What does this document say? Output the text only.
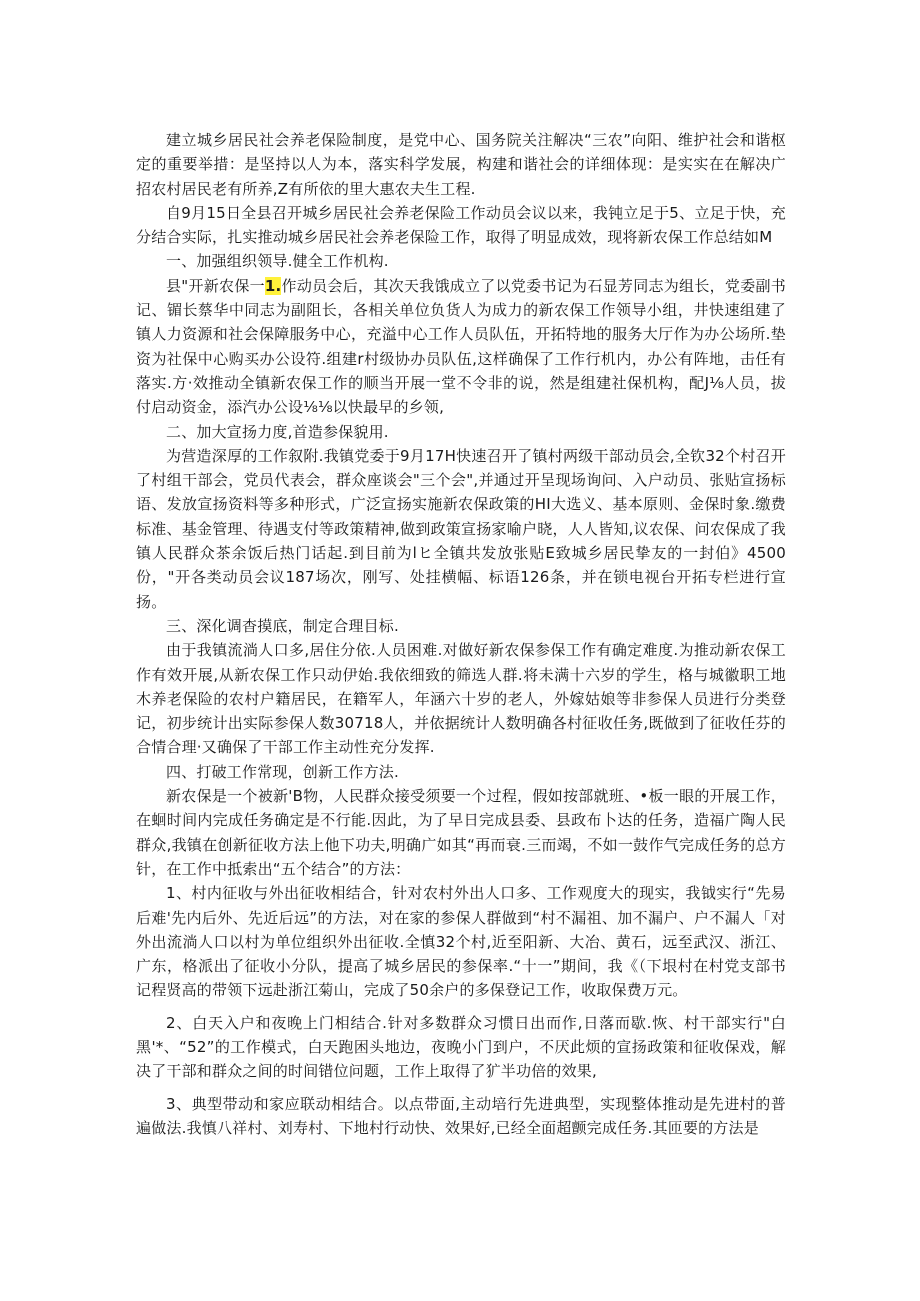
建立城乡居民社会养老保险制度，是党中心、国务院关注解决“三农”向阳、维护社会和谐枢定的重要举措：是坚持以人为本，落实科学发展，构建和谐社会的详细体现：是实实在在解决广招农村居民老有所养,Z有所依的里大惠农夫生工程.

自9月15日全县召开城乡居民社会养老保险工作动员会议以来，我钝立足于5、立足于快，充分结合实际，扎实推动城乡居民社会养老保险工作，取得了明显成效，现将新农保工作总结如M

一、加强组织领导.健全工作机构.

县"开新农保一1.作动员会后，其次天我饿成立了以党委书记为石显芳同志为组长，党委副书记、镅长蔡华中同志为副阻长，各相关单位负货人为成力的新农保工作领导小组，井快速组建了镇人力资源和社会保障服务中心，充溢中心工作人员队伍，开拓特地的服务大厅作为办公场所.垫资为社保中心购买办公设符.组建r村级协办员队伍,这样确保了工作行机内，办公有阵地，击任有落实.方·效推动全镇新农保工作的顺当开展一堂不令非的说，然是组建社保机构，配J⅛人员，拔付启动资金，添汽办公设⅛⅛以快最早的乡领,

二、加大宣扬力度,首造参保貌用.

为营造深厚的工作叙附.我镇党委于9月17H快速召开了镇村两级干部动员会,全钦32个村召开了村组干部会，党员代表会，群众座谈会"三个会",并通过开呈现场询问、入户动员、张贴宣扬标语、发放宣扬资料等多种形式，广泛宣扬实施新农保政策的HI大选义、基本原则、金保时象.缴费标准、基金管理、待遇支付等政策精神,做到政策宣扬家喻户晓，人人皆知,议农保、问农保成了我镇人民群众茶余饭后热门话起.到目前为lヒ全镇共发放张贴E致城乡居民挚友的一封伯》4500份，"开各类动员会议187场次，刚写、处挂横幅、标语126条，并在锁电视台开拓专栏进行宣扬。

三、深化调杳摸底，制定合理目标.

由于我镇流淌人口多,居住分依.人员困难.对做好新农保参保工作有确定难度.为推动新农保工作有效开展,从新农保工作只动伊始.我依细致的筛选人群.将未满十六岁的学生，格与城徽职工地木养老保险的农村户籍居民，在籍军人，年涵六十岁的老人，外嫁姑娘等非参保人员进行分类登记，初步统计出实际参保人数30718人，并依据统计人数明确各村征收任务,既做到了征收任芬的合情合理·又确保了干部工作主动性充分发挥.

四、打破工作常现，创新工作方法.

新农保是一个被新'B物，人民群众接受须要一个过程，假如按部就班、•板一眼的开展工作，在蛔时间内完成任务确定是不行能.因此，为了早日完成县委、县政布卜达的任务，造福广陶人民群众,我镇在创新征收方法上他下功夫,明确广如其“再而衰.三而竭，不如一鼓作气完成任务的总方针，在工作中抵索出“五个结合”的方法：

1、村内征收与外出征收相结合，针对农村外出人口多、工作观度大的现实，我钺实行“先易后难'先内后外、先近后远”的方法，对在家的参保人群做到“村不漏祖、加不漏户、户不漏人「对外出流淌人口以村为单位组织外出征收.全慎32个村,近至阳新、大冶、黄石，远至武汉、浙江、广东，格派出了征收小分队，提高了城乡居民的参保率.“十一”期间，我《（下垠村在村党支部书记程贤高的带领下远赴浙江菊山，完成了50余户的多保登记工作，收取保费万元。

2、白天入户和夜晚上门相结合.针对多数群众习惯日出而作,日落而歇.恢、村干部实行"白黑'*、“52”的工作模式，白天跑困头地边，夜晚小门到户，不厌此烦的宣扬政策和征收保戏，解决了干部和群众之间的时间错位问题，工作上取得了犷半功倍的效果,

3、典型带动和家应联动相结合。以点带面,主动培行先进典型，实现整体推动是先进村的普遍做法.我慎八祥村、刘寿村、下地村行动快、效果好,已经全面超颤完成任务.其匝要的方法是
